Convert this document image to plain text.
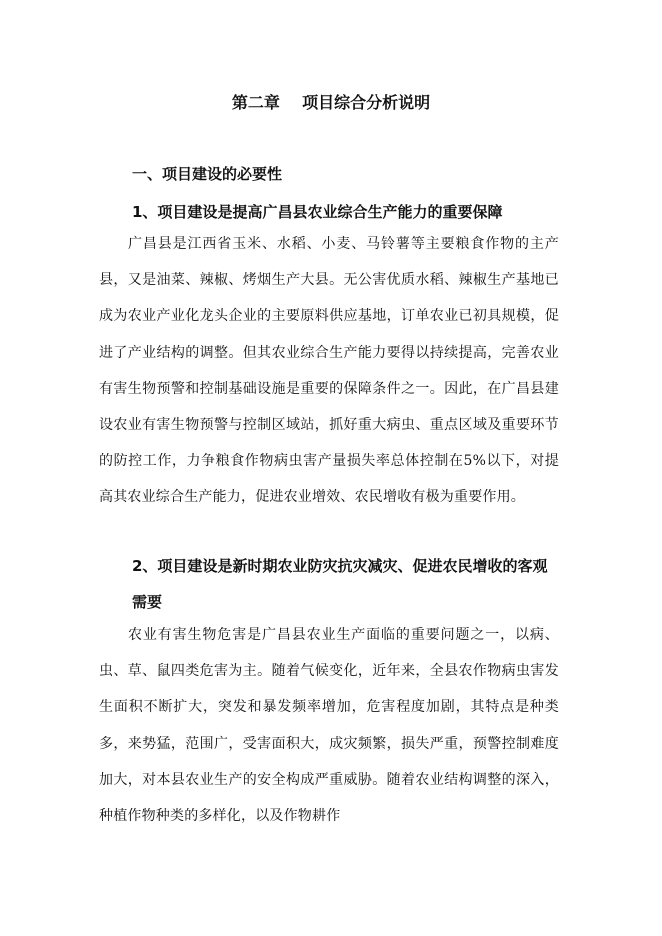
第二章    项目综合分析说明
一、项目建设的必要性
1、项目建设是提高广昌县农业综合生产能力的重要保障
广昌县是江西省玉米、水稻、小麦、马铃薯等主要粮食作物的主产县，又是油菜、辣椒、烤烟生产大县。无公害优质水稻、辣椒生产基地已成为农业产业化龙头企业的主要原料供应基地，订单农业已初具规模，促进了产业结构的调整。但其农业综合生产能力要得以持续提高，完善农业有害生物预警和控制基础设施是重要的保障条件之一。因此，在广昌县建设农业有害生物预警与控制区域站，抓好重大病虫、重点区域及重要环节的防控工作，力争粮食作物病虫害产量损失率总体控制在5%以下，对提高其农业综合生产能力，促进农业增效、农民增收有极为重要作用。
2、项目建设是新时期农业防灾抗灾减灾、促进农民增收的客观需要
农业有害生物危害是广昌县农业生产面临的重要问题之一，以病、虫、草、鼠四类危害为主。随着气候变化，近年来，全县农作物病虫害发生面积不断扩大，突发和暴发频率增加，危害程度加剧，其特点是种类多，来势猛，范围广，受害面积大，成灾频繁，损失严重，预警控制难度加大，对本县农业生产的安全构成严重威胁。随着农业结构调整的深入，种植作物种类的多样化，以及作物耕作
